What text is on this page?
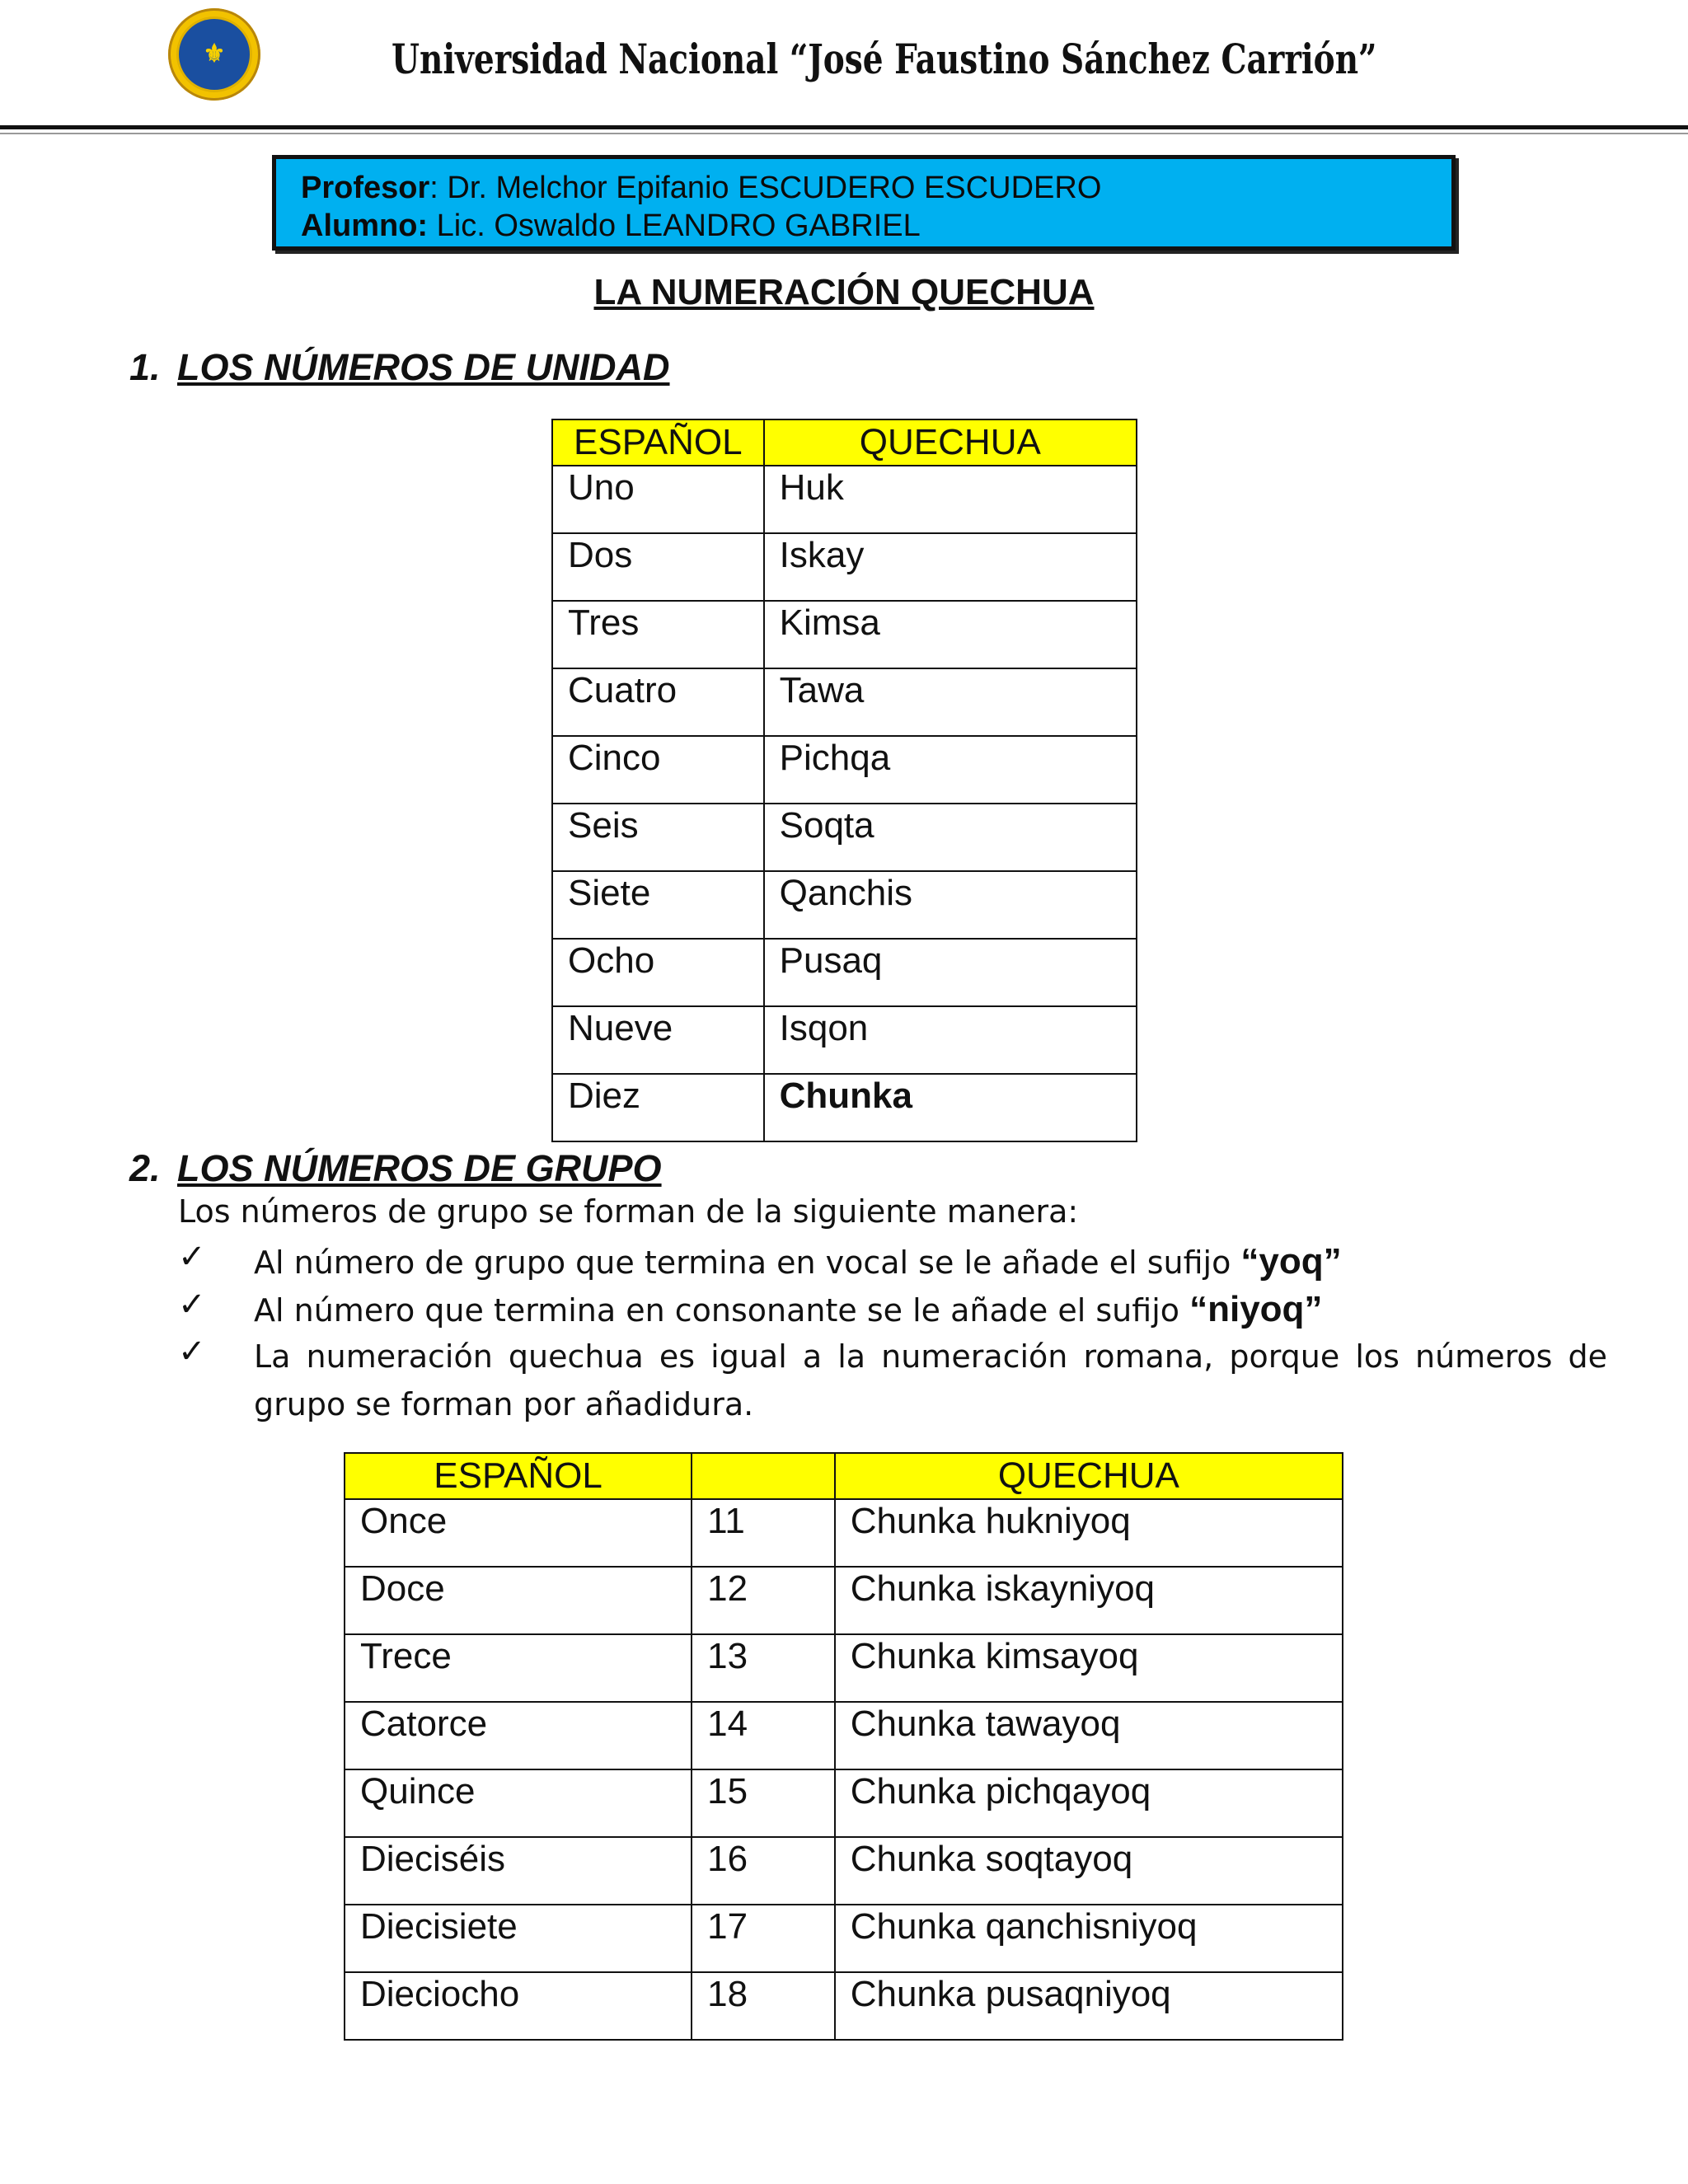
⚜	Universidad Nacional “José Faustino Sánchez Carrión”
Profesor: Dr. Melchor Epifanio ESCUDERO ESCUDERO
Alumno: Lic. Oswaldo LEANDRO GABRIEL
LA NUMERACIÓN QUECHUA
1. LOS NÚMEROS DE UNIDAD
ESPAÑOL	QUECHUA
Uno	Huk
Dos	Iskay
Tres	Kimsa
Cuatro	Tawa
Cinco	Pichqa
Seis	Soqta
Siete	Qanchis
Ocho	Pusaq
Nueve	Isqon
Diez	Chunka
2. LOS NÚMEROS DE GRUPO
Los números de grupo se forman de la siguiente manera:
✓ Al número de grupo que termina en vocal se le añade el sufijo “yoq”
✓ Al número que termina en consonante se le añade el sufijo “niyoq”
✓ La numeración quechua es igual a la numeración romana, porque los números de grupo se forman por añadidura.
ESPAÑOL		QUECHUA
Once	11	Chunka hukniyoq
Doce	12	Chunka iskayniyoq
Trece	13	Chunka kimsayoq
Catorce	14	Chunka tawayoq
Quince	15	Chunka pichqayoq
Dieciséis	16	Chunka soqtayoq
Diecisiete	17	Chunka qanchisniyoq
Dieciocho	18	Chunka pusaqniyoq
